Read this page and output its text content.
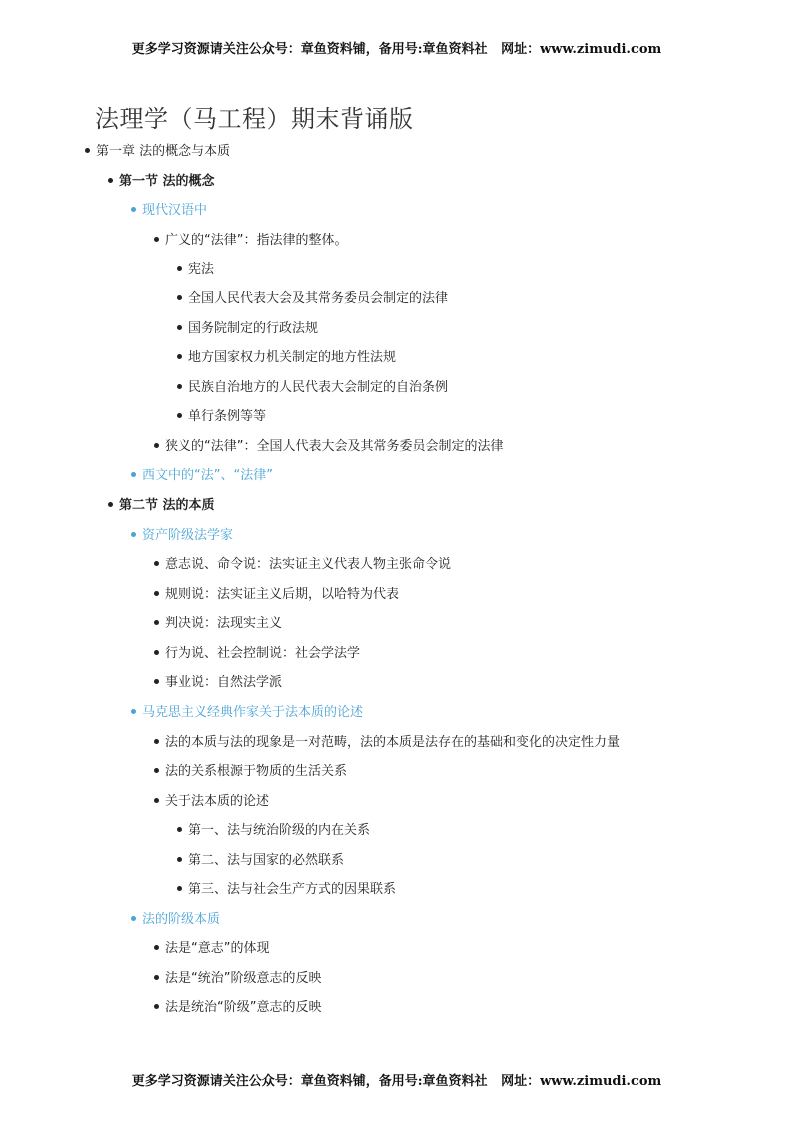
更多学习资源请关注公众号：章鱼资料铺，备用号:章鱼资料社   网址：www.zimudi.com
法理学（马工程）期末背诵版
第一章 法的概念与本质
第一节 法的概念
现代汉语中
广义的“法律”：指法律的整体。
宪法
全国人民代表大会及其常务委员会制定的法律
国务院制定的行政法规
地方国家权力机关制定的地方性法规
民族自治地方的人民代表大会制定的自治条例
单行条例等等
狭义的“法律”：全国人代表大会及其常务委员会制定的法律
西文中的“法”、“法律”
第二节 法的本质
资产阶级法学家
意志说、命令说：法实证主义代表人物主张命令说
规则说：法实证主义后期，以哈特为代表
判决说：法现实主义
行为说、社会控制说：社会学法学
事业说：自然法学派
马克思主义经典作家关于法本质的论述
法的本质与法的现象是一对范畴，法的本质是法存在的基础和变化的决定性力量
法的关系根源于物质的生活关系
关于法本质的论述
第一、法与统治阶级的内在关系
第二、法与国家的必然联系
第三、法与社会生产方式的因果联系
法的阶级本质
法是“意志”的体现
法是“统治”阶级意志的反映
法是统治“阶级”意志的反映
更多学习资源请关注公众号：章鱼资料铺，备用号:章鱼资料社   网址：www.zimudi.com
